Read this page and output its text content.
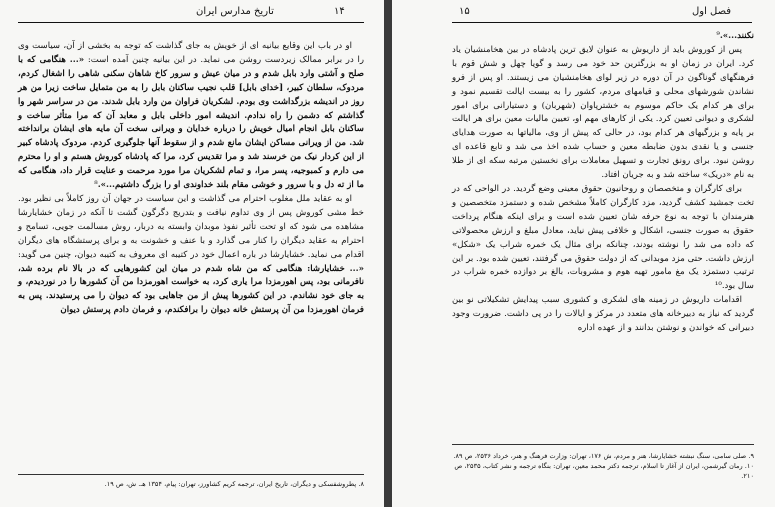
۱۴
تاریخ مدارس ایران

او در باب این وقایع بیانیه ای از خویش به جای گذاشت که توجه به بخشی از آن، سیاست وی را در برابر ممالک زیردست روشن می نماید. در این بیانیه چنین آمده است: «... هنگامی که با صلح و آشتی وارد بابل شدم و در میان عیش و سرور کاخ شاهان سکنی شاهی را اشغال کردم، مردوک، سلطان کبیر، [خدای بابل] قلب نجیب ساکنان بابل را به من متمایل ساخت زیرا من هر روز در اندیشه بزرگداشت وی بودم. لشکریان فراوان من وارد بابل شدند. من در سراسر شهر وا گذاشتم که دشمن را راه ندادم. اندیشه امور داخلی بابل و معابد آن که مرا متأثر ساخت و ساکنان بابل انجام امیال خویش را درباره خدایان و ویرانی سخت آن مایه های ایشان برانداخته شد. من از ویرانی مساکن ایشان مانع شدم و از سقوط آنها جلوگیری کردم. مردوک پادشاه کبیر از این کردار نیک من خرسند شد و مرا تقدیس کرد، مرا که پادشاه کوروش هستم و او را محترم می دارم و کمبوجیه، پسر مرا، و تمام لشکریان مرا مورد مرحمت و عنایت قرار داد، هنگامی که ما از ته دل و با سرور و خوشی مقام بلند خداوندی او را بزرگ داشتیم...».⁸

او به عقاید ملل مغلوب احترام می گذاشت و این سیاست در جهان آن روز کاملاً بی نظیر بود. خط مشی کوروش پس از وی تداوم نیافت و بتدریج دگرگون گشت تا آنکه در زمان خشایارشا مشاهده می شود که او تحت تأثیر نفوذ موبدان وابسته به دربار، روش مسالمت جویی، تسامح و احترام به عقاید دیگران را کنار می گذارد و با عنف و خشونت به و برای پرستشگاه های دیگران اقدام می نماید. خشایارشا در باره اعمال خود در کتیبه ای معروف به کتیبه دیوان، چنین می گوید: «... خشایارشا: هنگامی که من شاه شدم در میان این کشورهایی که در بالا نام برده شد، نافرمانی بود، پس اهورمزدا مرا یاری کرد، به خواست اهورمزدا من آن کشورها را در نوردیدم، و به جای خود نشاندم. در این کشورها پیش از من جاهایی بود که دیوان را می پرستیدند. پس به فرمان اهورمزدا من آن پرستش خانه دیوان را برافکندم، و فرمان دادم پرستش دیوان

۸. پطروشفسکی و دیگران، تاریخ ایران، ترجمه کریم کشاورز، تهران: پیام، ۱۳۵۴ هـ. ش، ص ۱۹.
۱۵	فصل اول

نکنند...».⁹

پس از کوروش باید از داریوش به عنوان لایق ترین پادشاه در بین هخامنشیان یاد کرد. ایران در زمان او به بزرگترین حد خود می رسد و گویا چهل و شش قوم با فرهنگهای گوناگون در آن دوره در زیر لوای هخامنشیان می زیستند. او پس از فرو نشاندن شورشهای محلی و قیامهای مردم، کشور را به بیست ایالت تقسیم نمود و برای هر کدام یک حاکم موسوم به خشترپاوان (شهربان) و دستیارانی برای امور لشکری و دیوانی تعیین کرد. یکی از کارهای مهم او، تعیین مالیات معین برای هر ایالت بر پایه و بزرگیهای هر کدام بود، در حالی که پیش از وی، مالیاتها به صورت هدایای جنسی و یا نقدی بدون ضابطه معین و حساب شده اخذ می شد و تابع قاعده ای روشن نبود. برای رونق تجارت و تسهیل معاملات برای نخستین مرتبه سکه ای از طلا به نام «دریک» ساخته شد و به جریان افتاد.

برای کارگران و متخصصان و روحانیون حقوق معینی وضع گردید. در الواحی که در تخت جمشید کشف گردید، مزد کارگران کاملاً مشخص شده و دستمزد متخصصین و هنرمندان با توجه به نوع حرفه شان تعیین شده است و برای اینکه هنگام پرداخت حقوق به صورت جنسی، اشکال و خلافی پیش نیاید، معادل مبلغ و ارزش محصولاتی که داده می شد را نوشته بودند، چنانکه برای مثال یک خمره شراب یک «شکل» ارزش داشت. حتی مزد موبدانی که از دولت حقوق می گرفتند، تعیین شده بود. بر این ترتیب دستمزد یک مغ مامور تهیه هوم و مشروبات، بالغ بر دوازده خمره شراب در سال بود.¹⁰

اقدامات داریوش در زمینه های لشکری و کشوری سبب پیدایش تشکیلاتی نو بین گردید که نیاز به دبیرخانه های متعدد در مرکز و ایالات را در پی داشت. ضرورت وجود دبیرانی که خواندن و نوشتن بدانند و از عهده اداره

۹. صلی سامی، سنگ نبشته خشایارشا، هنر و مردم، ش ۱۷۶، تهران: وزارت فرهنگ و هنر، خرداد ۲۵۳۶، ص ۸۹.
۱۰. رمان گیرشمن، ایران از آغاز تا اسلام، ترجمه دکتر محمد معین، تهران: بنگاه ترجمه و نشر کتاب، ۲۵۳۵، ص ۲۱۰.
